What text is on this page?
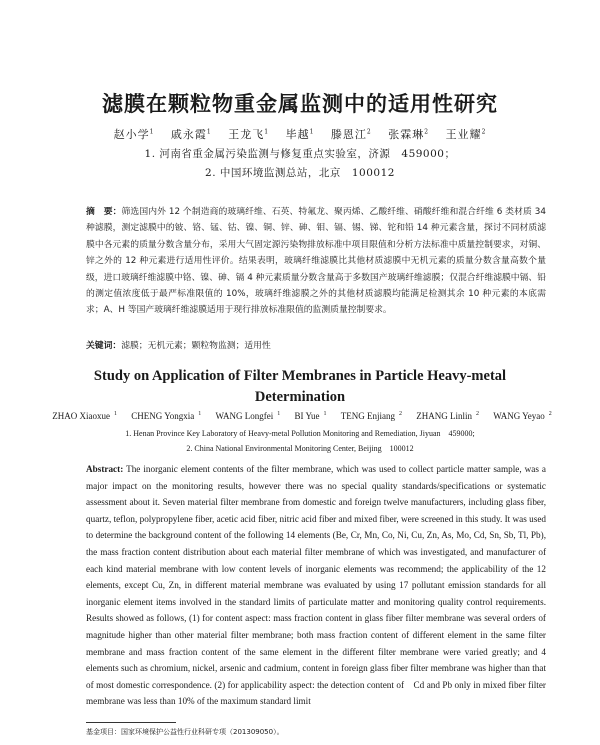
滤膜在颗粒物重金属监测中的适用性研究
赵小学$^1$　 戚永霞$^1$　 王龙飞$^1$　 毕越$^1$　 滕恩江$^2$　 张霖琳$^2$　 王业耀$^2$
1. 河南省重金属污染监测与修复重点实验室，济源　459000；
2. 中国环境监测总站，北京　100012
摘　要：筛选国内外 12 个制造商的玻璃纤维、石英、特氟龙、聚丙烯、乙酸纤维、硝酸纤维和混合纤维 6 类材质 34 种滤膜，测定滤膜中的铍、铬、锰、钴、镍、铜、锌、砷、钼、镉、锡、锑、铊和铅 14 种元素含量，探讨不同材质滤膜中各元素的质量分数含量分布，采用大气固定源污染物排放标准中项目限值和分析方法标准中质量控制要求，对铜、锌之外的 12 种元素进行适用性评价。结果表明，玻璃纤维滤膜比其他材质滤膜中无机元素的质量分数含量高数个量级，进口玻璃纤维滤膜中铬、镍、砷、镉 4 种元素质量分数含量高于多数国产玻璃纤维滤膜；仅混合纤维滤膜中镉、铅的测定值浓度低于最严标准限值的 10%，玻璃纤维滤膜之外的其他材质滤膜均能满足检测其余 10 种元素的本底需求；A、H 等国产玻璃纤维滤膜适用于现行排放标准限值的监测质量控制要求。
关键词：滤膜；无机元素；颗粒物监测；适用性
Study on Application of Filter Membranes in Particle Heavy-metal
Determination
ZHAO Xiaoxue $^1$ CHENG Yongxia $^1$ WANG Longfei $^1$ BI Yue $^1$ TENG Enjiang $^2$ ZHANG Linlin $^2$ WANG Yeyao $^2$
1. Henan Province Key Laboratory of Heavy-metal Pollution Monitoring and Remediation, Jiyuan　459000;
2. China National Environmental Monitoring Center, Beijing　100012
Abstract: The inorganic element contents of the filter membrane, which was used to collect particle matter sample, was a major impact on the monitoring results, however there was no special quality standards/specifications or systematic assessment about it. Seven material filter membrane from domestic and foreign twelve manufacturers, including glass fiber, quartz, teflon, polypropylene fiber, acetic acid fiber, nitric acid fiber and mixed fiber, were screened in this study. It was used to determine the background content of the following 14 elements (Be, Cr, Mn, Co, Ni, Cu, Zn, As, Mo, Cd, Sn, Sb, Tl, Pb), the mass fraction content distribution about each material filter membrane of which was investigated, and manufacturer of each kind material membrane with low content levels of inorganic elements was recommend; the applicability of the 12 elements, except Cu, Zn, in different material membrane was evaluated by using 17 pollutant emission standards for all inorganic element items involved in the standard limits of particulate matter and monitoring quality control requirements. Results showed as follows, (1) for content aspect: mass fraction content in glass fiber filter membrane was several orders of magnitude higher than other material filter membrane; both mass fraction content of different element in the same filter membrane and mass fraction content of the same element in the different filter membrane were varied greatly; and 4 elements such as chromium, nickel, arsenic and cadmium, content in foreign glass fiber filter membrane was higher than that of most domestic correspondence. (2) for applicability aspect: the detection content of　Cd and Pb only in mixed fiber filter membrane was less than 10% of the maximum standard limit
基金项目：国家环境保护公益性行业科研专项（201309050）。
